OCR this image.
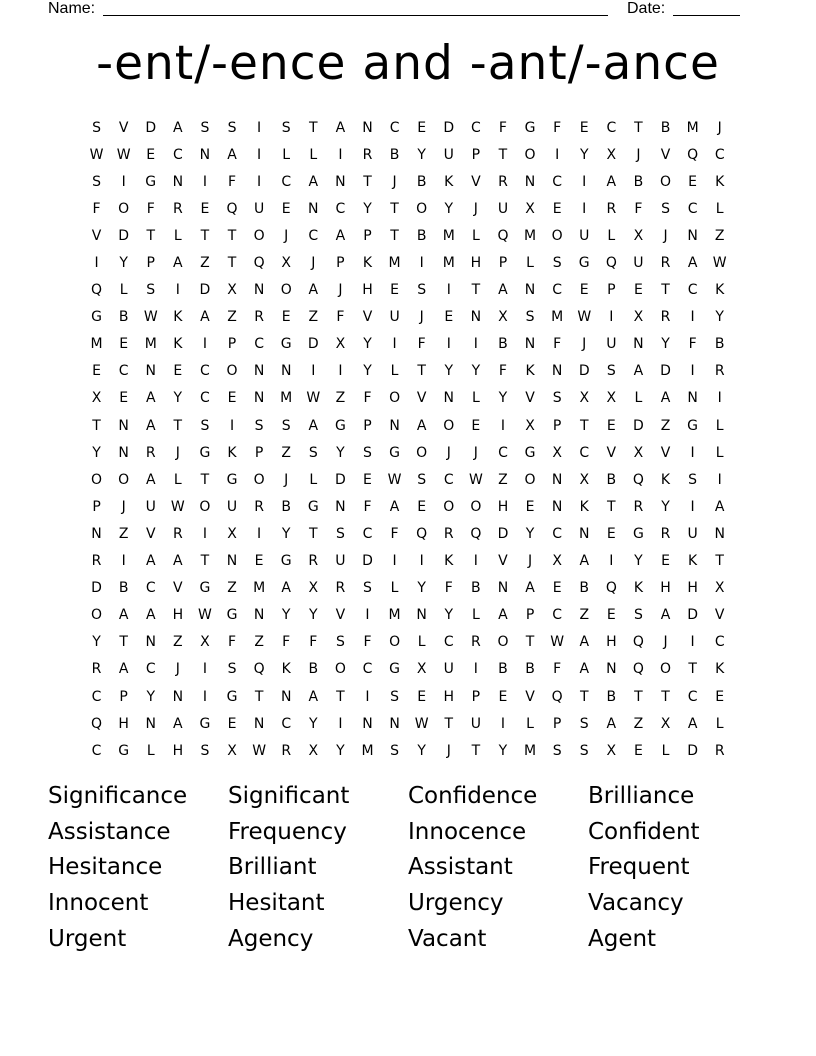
Name:	Date:
-ent/-ence and -ant/-ance
S	V	D	A	S	S	I	S	T	A	N	C	E	D	C	F	G	F	E	C	T	B	M	J
W W	E	C	N	A	I	L	L	I	R	B	Y	U	P	T	O	I	Y	X	J	V	Q	C
S	I	G	N	I	F	I	C	A	N	T	J	B	K	V	R	N	C	I	A	B	O	E	K
F	O	F	R	E	Q	U	E	N	C	Y	T	O	Y	J	U	X	E	I	R	F	S	C	L
V	D	T	L	T	T	O	J	C	A	P	T	B	M	L	Q	M	O	U	L	X	J	N	Z
I	Y	P	A	Z	T	Q	X	J	P	K	M	I	M	H	P	L	S	G	Q	U	R	A	W
Q	L	S	I	D	X	N	O	A	J	H	E	S	I	T	A	N	C	E	P	E	T	C	K
G	B	W	K	A	Z	R	E	Z	F	V	U	J	E	N	X	S	M	W	I	X	R	I	Y
M	E	M	K	I	P	C	G	D	X	Y	I	F	I	I	B	N	F	J	U	N	Y	F	B
E	C	N	E	C	O	N	N	I	I	Y	L	T	Y	Y	F	K	N	D	S	A	D	I	R
X	E	A	Y	C	E	N	M	W	Z	F	O	V	N	L	Y	V	S	X	X	L	A	N	I
T	N	A	T	S	I	S	S	A	G	P	N	A	O	E	I	X	P	T	E	D	Z	G	L
Y	N	R	J	G	K	P	Z	S	Y	S	G	O	J	J	C	G	X	C	V	X	V	I	L
O	O	A	L	T	G	O	J	L	D	E	W	S	C	W	Z	O	N	X	B	Q	K	S	I
P	J	U	W	O	U	R	B	G	N	F	A	E	O	O	H	E	N	K	T	R	Y	I	A
N	Z	V	R	I	X	I	Y	T	S	C	F	Q	R	Q	D	Y	C	N	E	G	R	U	N
R	I	A	A	T	N	E	G	R	U	D	I	I	K	I	V	J	X	A	I	Y	E	K	T
D	B	C	V	G	Z	M	A	X	R	S	L	Y	F	B	N	A	E	B	Q	K	H	H	X
O	A	A	H	W	G	N	Y	Y	V	I	M	N	Y	L	A	P	C	Z	E	S	A	D	V
Y	T	N	Z	X	F	Z	F	F	S	F	O	L	C	R	O	T	W	A	H	Q	J	I	C
R	A	C	J	I	S	Q	K	B	O	C	G	X	U	I	B	B	F	A	N	Q	O	T	K
C	P	Y	N	I	G	T	N	A	T	I	S	E	H	P	E	V	Q	T	B	T	T	C	E
Q	H	N	A	G	E	N	C	Y	I	N	N	W	T	U	I	L	P	S	A	Z	X	A	L
C	G	L	H	S	X	W	R	X	Y	M	S	Y	J	T	Y	M	S	S	X	E	L	D	R
Significance	Significant	Confidence	Brilliance
Assistance	Frequency	Innocence	Confident
Hesitance	Brilliant	Assistant	Frequent
Innocent	Hesitant	Urgency	Vacancy
Urgent	Agency	Vacant	Agent
